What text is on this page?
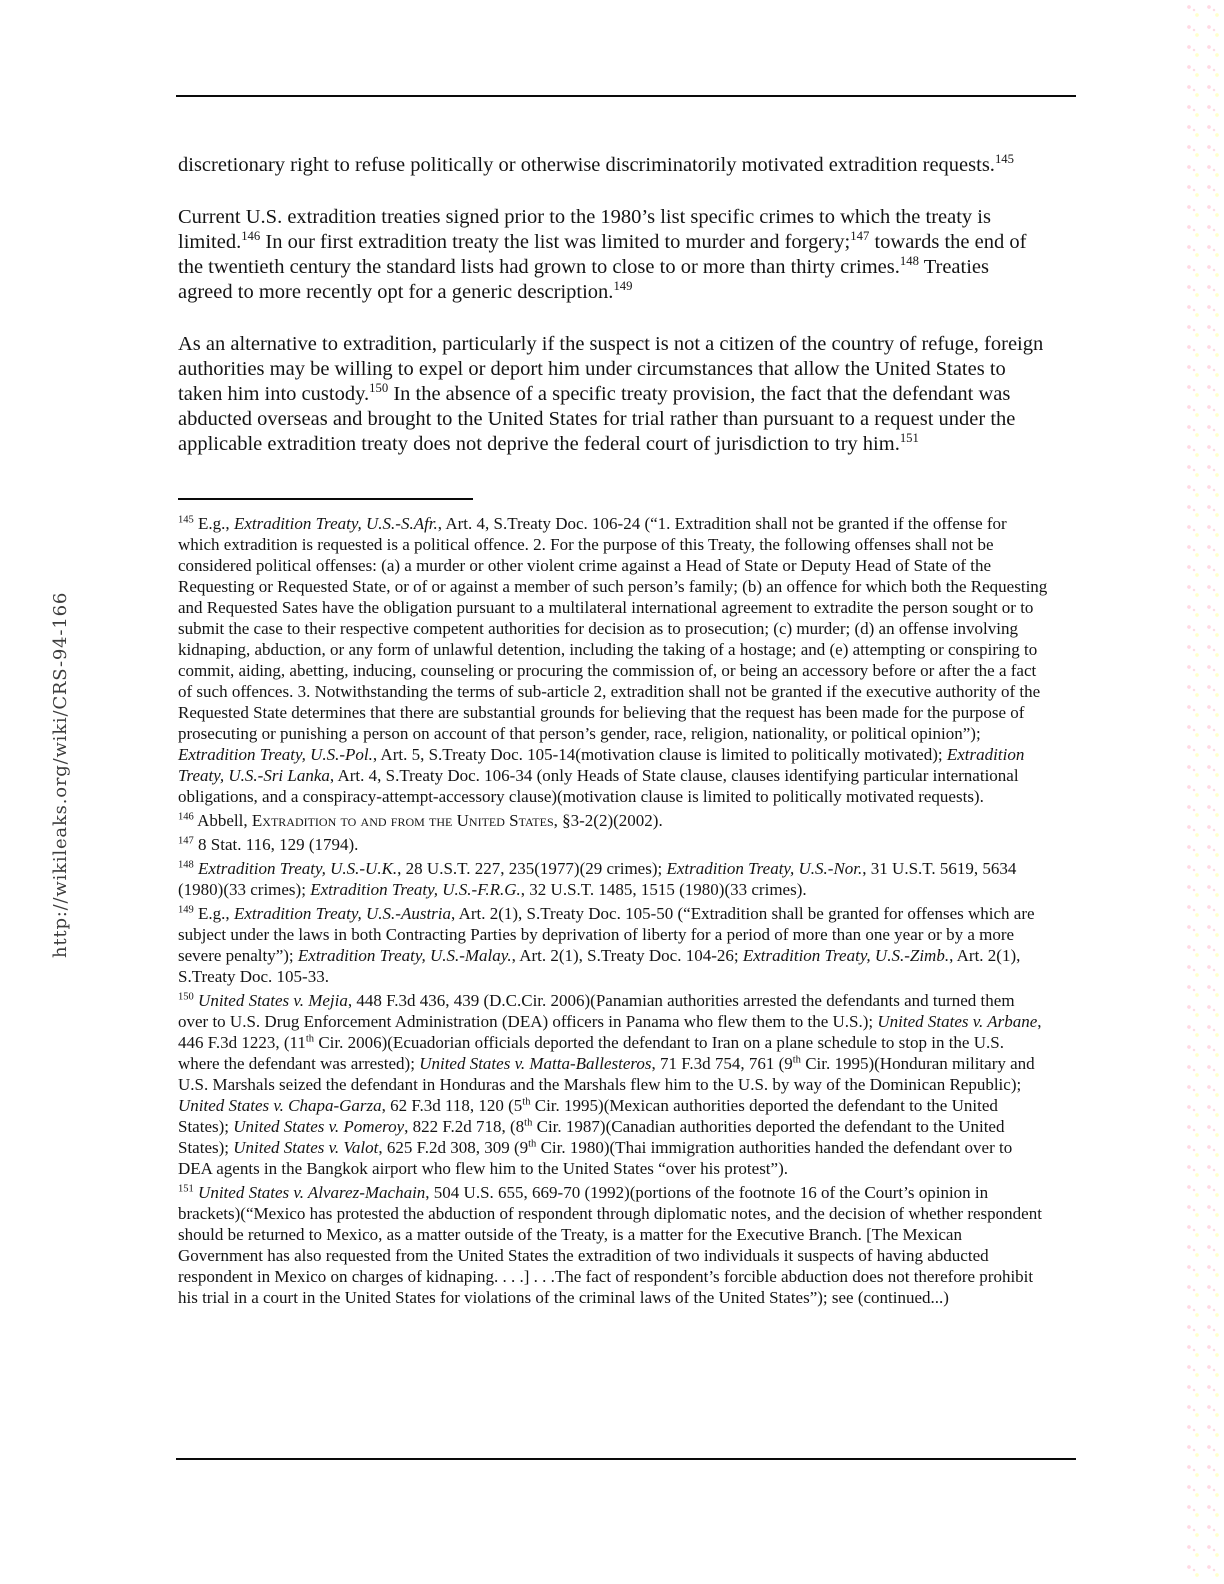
http://wikileaks.org/wiki/CRS-94-166

discretionary right to refuse politically or otherwise discriminatorily motivated extradition requests.$^{145}$

Current U.S. extradition treaties signed prior to the 1980’s list specific crimes to which the treaty is limited.$^{146}$ In our first extradition treaty the list was limited to murder and forgery;$^{147}$ towards the end of the twentieth century the standard lists had grown to close to or more than thirty crimes.$^{148}$ Treaties agreed to more recently opt for a generic description.$^{149}$

As an alternative to extradition, particularly if the suspect is not a citizen of the country of refuge, foreign authorities may be willing to expel or deport him under circumstances that allow the United States to taken him into custody.$^{150}$ In the absence of a specific treaty provision, the fact that the defendant was abducted overseas and brought to the United States for trial rather than pursuant to a request under the applicable extradition treaty does not deprive the federal court of jurisdiction to try him.$^{151}$

$^{145}$ E.g., Extradition Treaty, U.S.-S.Afr., Art. 4, S.Treaty Doc. 106-24 (“1. Extradition shall not be granted if the offense for which extradition is requested is a political offence. 2. For the purpose of this Treaty, the following offenses shall not be considered political offenses: (a) a murder or other violent crime against a Head of State or Deputy Head of State of the Requesting or Requested State, or of or against a member of such person’s family; (b) an offence for which both the Requesting and Requested Sates have the obligation pursuant to a multilateral international agreement to extradite the person sought or to submit the case to their respective competent authorities for decision as to prosecution; (c) murder; (d) an offense involving kidnaping, abduction, or any form of unlawful detention, including the taking of a hostage; and (e) attempting or conspiring to commit, aiding, abetting, inducing, counseling or procuring the commission of, or being an accessory before or after the a fact of such offences. 3. Notwithstanding the terms of sub-article 2, extradition shall not be granted if the executive authority of the Requested State determines that there are substantial grounds for believing that the request has been made for the purpose of prosecuting or punishing a person on account of that person’s gender, race, religion, nationality, or political opinion”); Extradition Treaty, U.S.-Pol., Art. 5, S.Treaty Doc. 105-14(motivation clause is limited to politically motivated); Extradition Treaty, U.S.-Sri Lanka, Art. 4, S.Treaty Doc. 106-34 (only Heads of State clause, clauses identifying particular international obligations, and a conspiracy-attempt-accessory clause)(motivation clause is limited to politically motivated requests).

$^{146}$ Abbell, Extradition to and from the United States, §3-2(2)(2002).

$^{147}$ 8 Stat. 116, 129 (1794).

$^{148}$ Extradition Treaty, U.S.-U.K., 28 U.S.T. 227, 235(1977)(29 crimes); Extradition Treaty, U.S.-Nor., 31 U.S.T. 5619, 5634 (1980)(33 crimes); Extradition Treaty, U.S.-F.R.G., 32 U.S.T. 1485, 1515 (1980)(33 crimes).

$^{149}$ E.g., Extradition Treaty, U.S.-Austria, Art. 2(1), S.Treaty Doc. 105-50 (“Extradition shall be granted for offenses which are subject under the laws in both Contracting Parties by deprivation of liberty for a period of more than one year or by a more severe penalty”); Extradition Treaty, U.S.-Malay., Art. 2(1), S.Treaty Doc. 104-26; Extradition Treaty, U.S.-Zimb., Art. 2(1), S.Treaty Doc. 105-33.

$^{150}$ United States v. Mejia, 448 F.3d 436, 439 (D.C.Cir. 2006)(Panamian authorities arrested the defendants and turned them over to U.S. Drug Enforcement Administration (DEA) officers in Panama who flew them to the U.S.); United States v. Arbane, 446 F.3d 1223, (11th Cir. 2006)(Ecuadorian officials deported the defendant to Iran on a plane schedule to stop in the U.S. where the defendant was arrested); United States v. Matta-Ballesteros, 71 F.3d 754, 761 (9th Cir. 1995)(Honduran military and U.S. Marshals seized the defendant in Honduras and the Marshals flew him to the U.S. by way of the Dominican Republic); United States v. Chapa-Garza, 62 F.3d 118, 120 (5th Cir. 1995)(Mexican authorities deported the defendant to the United States); United States v. Pomeroy, 822 F.2d 718, (8th Cir. 1987)(Canadian authorities deported the defendant to the United States); United States v. Valot, 625 F.2d 308, 309 (9th Cir. 1980)(Thai immigration authorities handed the defendant over to DEA agents in the Bangkok airport who flew him to the United States “over his protest”).

$^{151}$ United States v. Alvarez-Machain, 504 U.S. 655, 669-70 (1992)(portions of the footnote 16 of the Court’s opinion in brackets)(“Mexico has protested the abduction of respondent through diplomatic notes, and the decision of whether respondent should be returned to Mexico, as a matter outside of the Treaty, is a matter for the Executive Branch. [The Mexican Government has also requested from the United States the extradition of two individuals it suspects of having abducted respondent in Mexico on charges of kidnaping. . . .] . . .The fact of respondent’s forcible abduction does not therefore prohibit his trial in a court in the United States for violations of the criminal laws of the United States”); see (continued...)
